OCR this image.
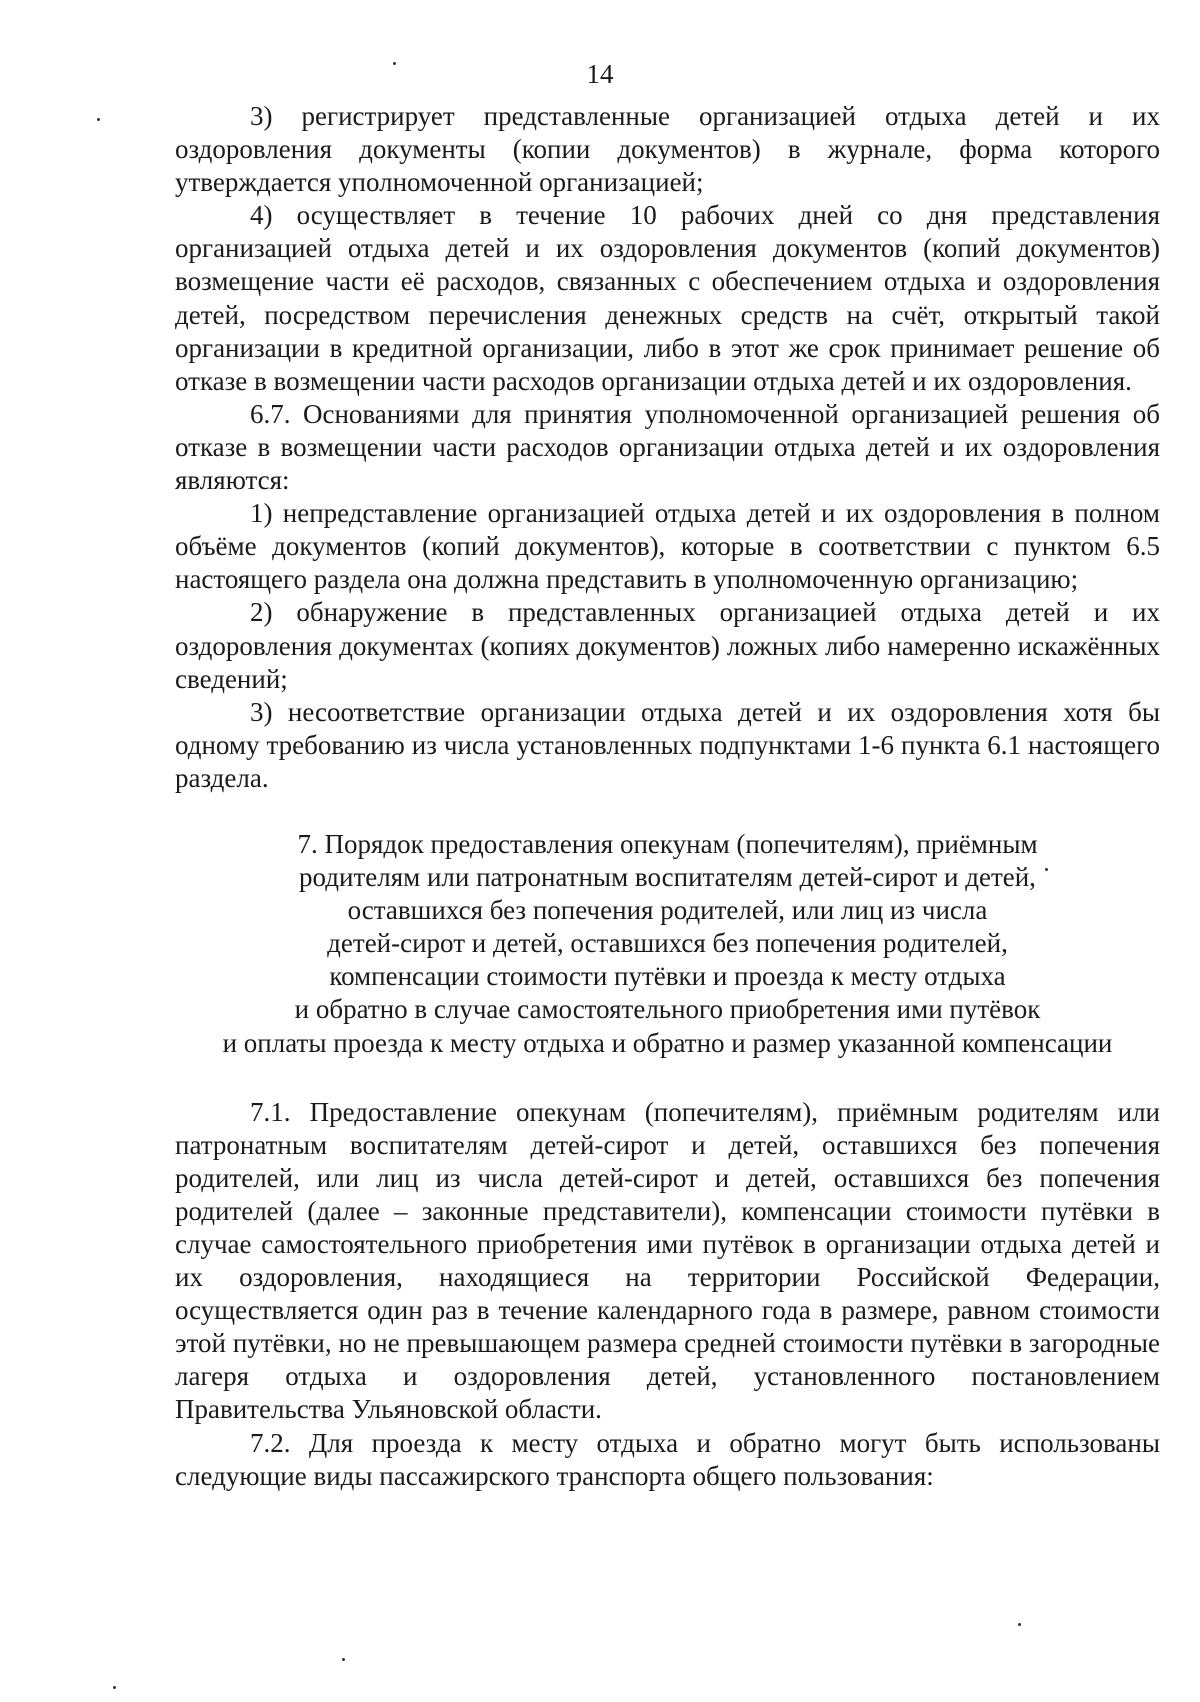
14

3) регистрирует представленные организацией отдыха детей и их оздоровления документы (копии документов) в журнале, форма которого утверждается уполномоченной организацией;

4) осуществляет в течение 10 рабочих дней со дня представления организацией отдыха детей и их оздоровления документов (копий документов) возмещение части её расходов, связанных с обеспечением отдыха и оздоровления детей, посредством перечисления денежных средств на счёт, открытый такой организации в кредитной организации, либо в этот же срок принимает решение об отказе в возмещении части расходов организации отдыха детей и их оздоровления.

6.7. Основаниями для принятия уполномоченной организацией решения об отказе в возмещении части расходов организации отдыха детей и их оздоровления являются:

1) непредставление организацией отдыха детей и их оздоровления в полном объёме документов (копий документов), которые в соответствии с пунктом 6.5 настоящего раздела она должна представить в уполномоченную организацию;

2) обнаружение в представленных организацией отдыха детей и их оздоровления документах (копиях документов) ложных либо намеренно искажённых сведений;

3) несоответствие организации отдыха детей и их оздоровления хотя бы одному требованию из числа установленных подпунктами 1-6 пункта 6.1 настоящего раздела.

7. Порядок предоставления опекунам (попечителям), приёмным
родителям или патронатным воспитателям детей-сирот и детей,
оставшихся без попечения родителей, или лиц из числа
детей-сирот и детей, оставшихся без попечения родителей,
компенсации стоимости путёвки и проезда к месту отдыха
и обратно в случае самостоятельного приобретения ими путёвок
и оплаты проезда к месту отдыха и обратно и размер указанной компенсации

7.1. Предоставление опекунам (попечителям), приёмным родителям или патронатным воспитателям детей-сирот и детей, оставшихся без попечения родителей, или лиц из числа детей-сирот и детей, оставшихся без попечения родителей (далее – законные представители), компенсации стоимости путёвки в случае самостоятельного приобретения ими путёвок в организации отдыха детей и их оздоровления, находящиеся на территории Российской Федерации, осуществляется один раз в течение календарного года в размере, равном стоимости этой путёвки, но не превышающем размера средней стоимости путёвки в загородные лагеря отдыха и оздоровления детей, установленного постановлением Правительства Ульяновской области.

7.2. Для проезда к месту отдыха и обратно могут быть использованы следующие виды пассажирского транспорта общего пользования:
